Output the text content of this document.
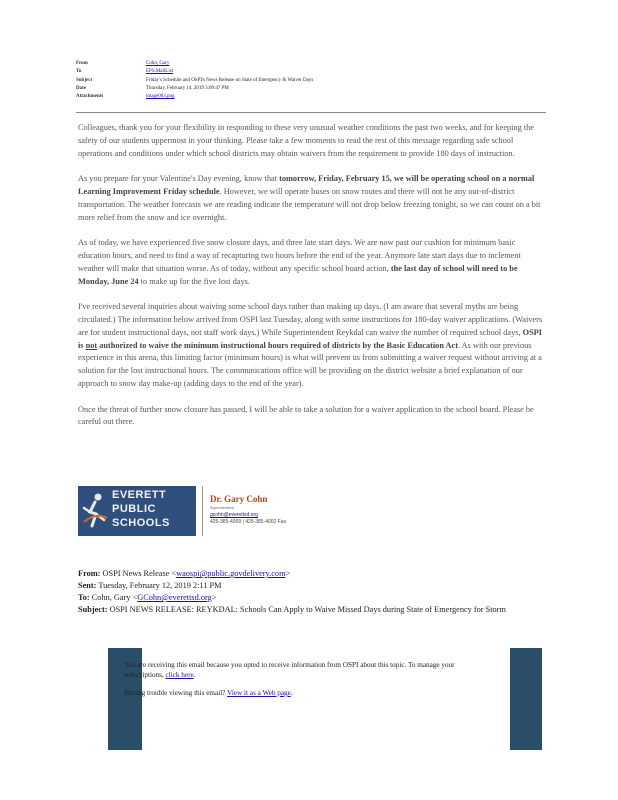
From	Cohn, Gary
To	EPS.MailList
Subject	Friday's Schedule and OSPI's News Release on State of Emergency & Waiver Days
Date	Thursday, February 14, 2019 3:09:47 PM
Attachments	image003.png

Colleagues, thank you for your flexibility in responding to these very unusual weather conditions the past two weeks, and for keeping the safety of our students uppermost in your thinking. Please take a few moments to read the rest of this message regarding safe school operations and conditions under which school districts may obtain waivers from the requirement to provide 180 days of instruction.

As you prepare for your Valentine's Day evening, know that tomorrow, Friday, February 15, we will be operating school on a normal Learning Improvement Friday schedule. However, we will operate buses on snow routes and there will not be any out-of-district transportation. The weather forecasts we are reading indicate the temperature will not drop below freezing tonight, so we can count on a bit more relief from the snow and ice overnight.

As of today, we have experienced five snow closure days, and three late start days. We are now past our cushion for minimum basic education hours, and need to find a way of recapturing two hours before the end of the year. Anymore late start days due to inclement weather will make that situation worse. As of today, without any specific school board action, the last day of school will need to be Monday, June 24 to make up for the five lost days.

I've received several inquiries about waiving some school days rather than making up days. (I am aware that several myths are being circulated.) The information below arrived from OSPI last Tuesday, along with some instructions for 180-day waiver applications. (Waivers are for student instructional days, not staff work days.) While Superintendent Reykdal can waive the number of required school days, OSPI is not authorized to waive the minimum instructional hours required of districts by the Basic Education Act. As with our previous experience in this arena, this limiting factor (minimum hours) is what will prevent us from submitting a waiver request without arriving at a solution for the lost instructional hours. The communications office will be providing on the district website a brief explanation of our approach to snow day make-up (adding days to the end of the year).

Once the threat of further snow closure has passed, I will be able to take a solution for a waiver application to the school board. Please be careful out there.

EVERETT
PUBLIC
SCHOOLS
Dr. Gary Cohn
Superintendent
gcohn@everettsd.org
425-385-4009 | 425-385-4002 Fax
From: OSPI News Release <waospi@public.govdelivery.com>
Sent: Tuesday, February 12, 2019 2:11 PM
To: Cohn, Gary <GCohn@everettsd.org>
Subject: OSPI NEWS RELEASE: REYKDAL: Schools Can Apply to Waive Missed Days during State of Emergency for Storm

You are receiving this email because you opted to receive information from OSPI about this topic. To manage your subscriptions, click here.

Having trouble viewing this email? View it as a Web page.
